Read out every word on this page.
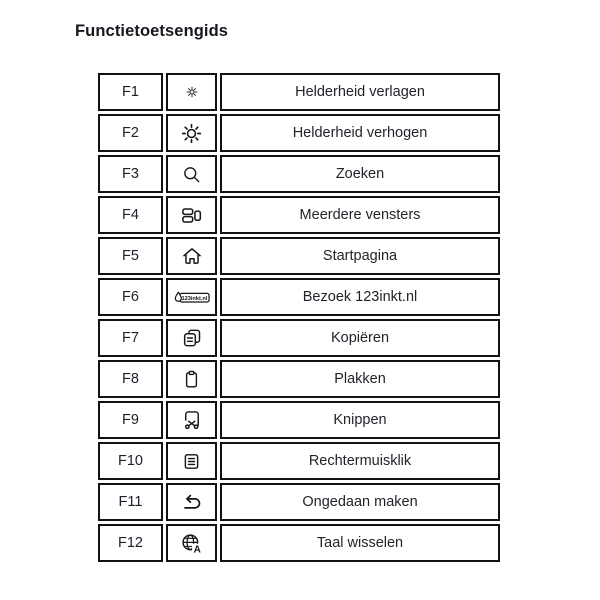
Functietoetsengids
F1	Helderheid verlagen
F2	Helderheid verhogen
F3	Zoeken
F4	Meerdere vensters
F5	Startpagina
F6	123inkt.nl	Bezoek 123inkt.nl
F7	Kopiëren
F8	Plakken
F9	Knippen
F10	Rechtermuisklik
F11	Ongedaan maken
F12	A	Taal wisselen
